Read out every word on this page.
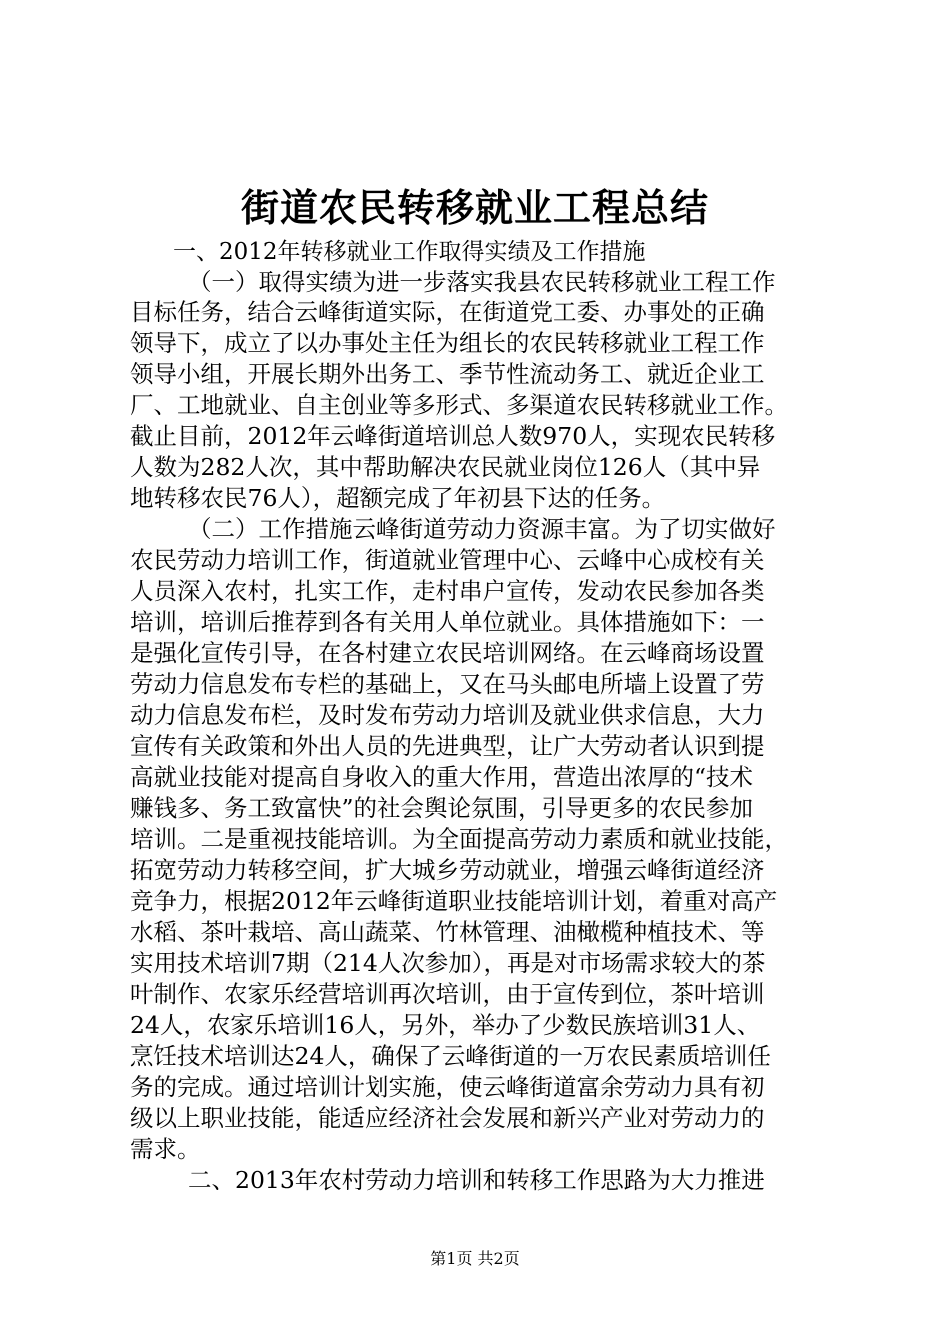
街道农民转移就业工程总结
一、2012年转移就业工作取得实绩及工作措施
（一）取得实绩为进一步落实我县农民转移就业工程工作
目标任务，结合云峰街道实际，在街道党工委、办事处的正确
领导下，成立了以办事处主任为组长的农民转移就业工程工作
领导小组，开展长期外出务工、季节性流动务工、就近企业工
厂、工地就业、自主创业等多形式、多渠道农民转移就业工作。
截止目前，2012年云峰街道培训总人数970人，实现农民转移
人数为282人次，其中帮助解决农民就业岗位126人（其中异
地转移农民76人），超额完成了年初县下达的任务。
（二）工作措施云峰街道劳动力资源丰富。为了切实做好
农民劳动力培训工作，街道就业管理中心、云峰中心成校有关
人员深入农村，扎实工作，走村串户宣传，发动农民参加各类
培训，培训后推荐到各有关用人单位就业。具体措施如下：一
是强化宣传引导，在各村建立农民培训网络。在云峰商场设置
劳动力信息发布专栏的基础上，又在马头邮电所墙上设置了劳
动力信息发布栏，及时发布劳动力培训及就业供求信息，大力
宣传有关政策和外出人员的先进典型，让广大劳动者认识到提
高就业技能对提高自身收入的重大作用，营造出浓厚的“技术
赚钱多、务工致富快”的社会舆论氛围，引导更多的农民参加
培训。二是重视技能培训。为全面提高劳动力素质和就业技能，
拓宽劳动力转移空间，扩大城乡劳动就业，增强云峰街道经济
竞争力，根据2012年云峰街道职业技能培训计划，着重对高产
水稻、茶叶栽培、高山蔬菜、竹林管理、油橄榄种植技术、等
实用技术培训7期（214人次参加），再是对市场需求较大的茶
叶制作、农家乐经营培训再次培训，由于宣传到位，茶叶培训
24人，农家乐培训16人，另外，举办了少数民族培训31人、
烹饪技术培训达24人，确保了云峰街道的一万农民素质培训任
务的完成。通过培训计划实施，使云峰街道富余劳动力具有初
级以上职业技能，能适应经济社会发展和新兴产业对劳动力的
需求。
二、2013年农村劳动力培训和转移工作思路为大力推进
第1页 共2页
